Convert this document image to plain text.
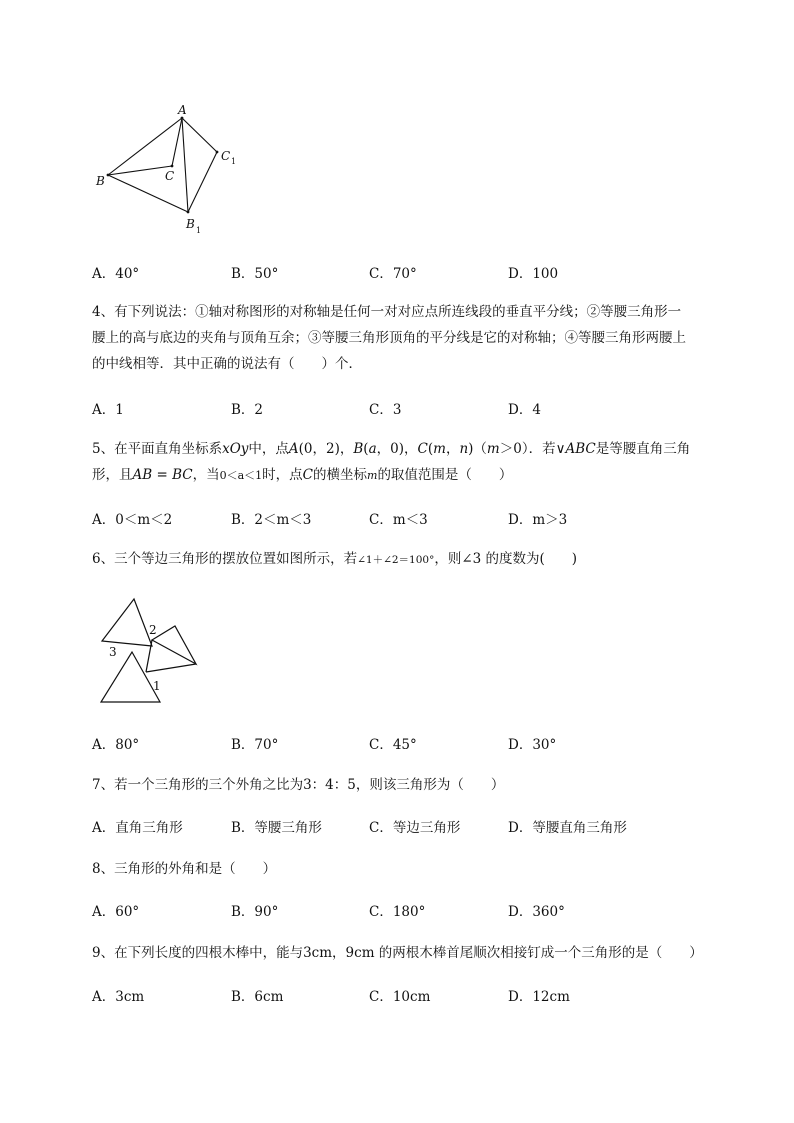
A
B	C
C 1
B 1
A．40°	B．50°	C．70°	D．100
4、有下列说法：①轴对称图形的对称轴是任何一对对应点所连线段的垂直平分线；②等腰三角形一
腰上的高与底边的夹角与顶角互余；③等腰三角形顶角的平分线是它的对称轴；④等腰三角形两腰上
的中线相等．其中正确的说法有（　　）个．
A．1	B．2	C．3	D．4
5、在平面直角坐标系xOy中，点A(0，2)，B(a，0)，C(m，n)（m＞0）．若∨ABC是等腰直角三角
形，且AB = BC，当0＜a＜1时，点C的横坐标m的取值范围是（　　）
A．0＜m＜2	B．2＜m＜3	C．m＜3	D．m＞3
6、三个等边三角形的摆放位置如图所示，若∠1＋∠2＝100°，则∠3 的度数为(　　)
2
3
1
A．80°	B．70°	C．45°	D．30°
7、若一个三角形的三个外角之比为3：4：5，则该三角形为（　　）
A．直角三角形	B．等腰三角形	C．等边三角形	D．等腰直角三角形
8、三角形的外角和是（　　）
A．60°	B．90°	C．180°	D．360°
9、在下列长度的四根木棒中，能与3cm，9cm 的两根木棒首尾顺次相接钉成一个三角形的是（　　）
A．3cm	B．6cm	C．10cm	D．12cm
